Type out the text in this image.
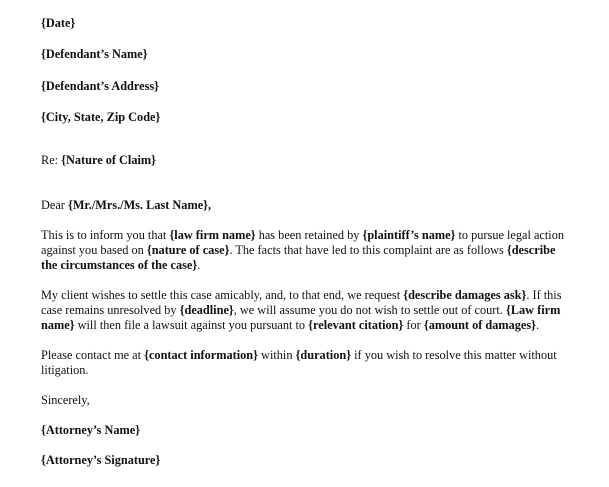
{Date}
{Defendant’s Name}
{Defendant’s Address}
{City, State, Zip Code}
Re: {Nature of Claim}
Dear {Mr./Mrs./Ms. Last Name},
This is to inform you that {law firm name} has been retained by {plaintiff’s name} to pursue legal action
against you based on {nature of case}. The facts that have led to this complaint are as follows {describe
the circumstances of the case}.
My client wishes to settle this case amicably, and, to that end, we request {describe damages ask}. If this
case remains unresolved by {deadline}, we will assume you do not wish to settle out of court. {Law firm
name} will then file a lawsuit against you pursuant to {relevant citation} for {amount of damages}.
Please contact me at {contact information} within {duration} if you wish to resolve this matter without
litigation.
Sincerely,
{Attorney’s Name}
{Attorney’s Signature}
